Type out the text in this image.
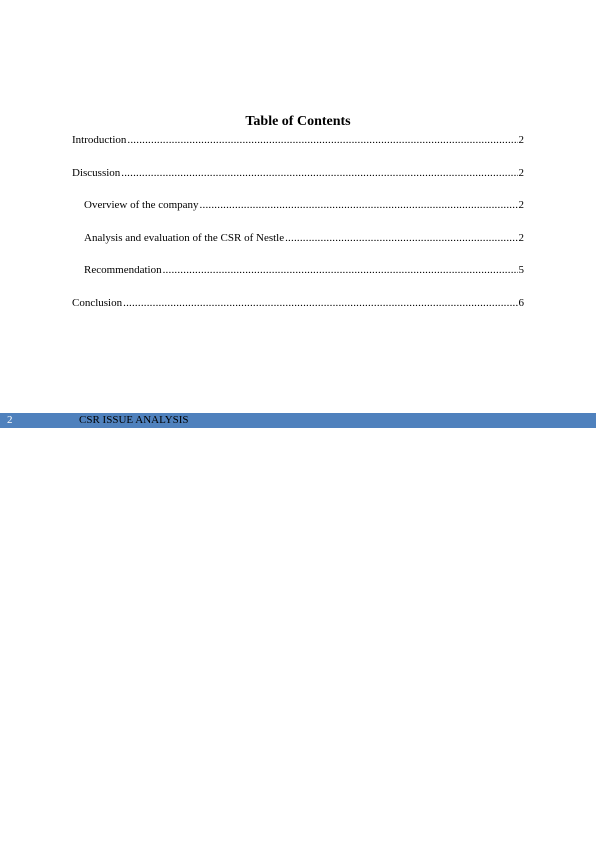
Table of Contents
Introduction .....	2
Discussion .....	2
Overview of the company .....	2
Analysis and evaluation of the CSR of Nestle .....	2
Recommendation .....	5
Conclusion .....	6
2	CSR ISSUE ANALYSIS
